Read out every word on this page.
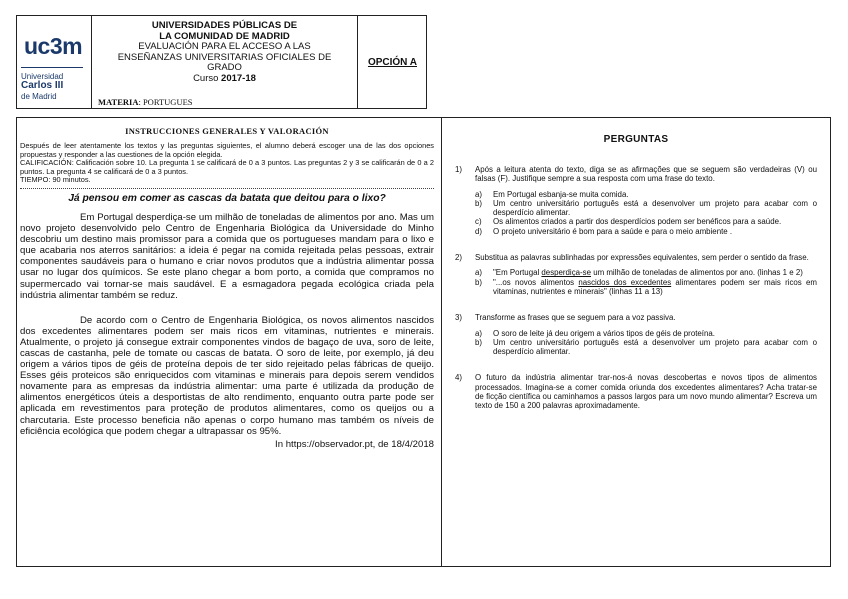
uc3m
Universidad
Carlos III
de Madrid
UNIVERSIDADES PÚBLICAS DE
LA COMUNIDAD DE MADRID
EVALUACIÓN PARA EL ACCESO A LAS
ENSEÑANZAS UNIVERSITARIAS OFICIALES DE
GRADO
Curso 2017-18
MATERIA: PORTUGUES
OPCIÓN A
INSTRUCCIONES GENERALES Y VALORACIÓN
Después de leer atentamente los textos y las preguntas siguientes, el alumno deberá escoger una de las dos opciones propuestas y responder a las cuestiones de la opción elegida.
CALIFICACIÓN: Calificación sobre 10. La pregunta 1 se calificará de 0 a 3 puntos. Las preguntas 2 y 3 se calificarán de 0 a 2 puntos. La pregunta 4 se calificará de 0 a 3 puntos.
TIEMPO: 90 minutos.
Já pensou em comer as cascas da batata que deitou para o lixo?
Em Portugal desperdiça-se um milhão de toneladas de alimentos por ano. Mas um novo projeto desenvolvido pelo Centro de Engenharia Biológica da Universidade do Minho descobriu um destino mais promissor para a comida que os portugueses mandam para o lixo e que acabaria nos aterros sanitários: a ideia é pegar na comida rejeitada pelas pessoas, extrair componentes saudáveis para o humano e criar novos produtos que a indústria alimentar possa usar no lugar dos químicos. Se este plano chegar a bom porto, a comida que compramos no supermercado vai tornar-se mais saudável. E a esmagadora pegada ecológica criada pela indústria alimentar também se reduz.
De acordo com o Centro de Engenharia Biológica, os novos alimentos nascidos dos excedentes alimentares podem ser mais ricos em vitaminas, nutrientes e minerais. Atualmente, o projeto já consegue extrair componentes vindos de bagaço de uva, soro de leite, cascas de castanha, pele de tomate ou cascas de batata. O soro de leite, por exemplo, já deu origem a vários tipos de géis de proteína depois de ter sido rejeitado pelas fábricas de queijo. Esses géis proteicos são enriquecidos com vitaminas e minerais para depois serem vendidos novamente para as empresas da indústria alimentar: uma parte é utilizada da produção de alimentos energéticos úteis a desportistas de alto rendimento, enquanto outra parte pode ser aplicada em revestimentos para proteção de produtos alimentares, como os queijos ou a charcutaria. Este processo beneficia não apenas o corpo humano mas também os níveis de eficiência ecológica que podem chegar a ultrapassar os 95%.
In https://observador.pt, de 18/4/2018
PERGUNTAS
1) Após a leitura atenta do texto, diga se as afirmações que se seguem são verdadeiras (V) ou falsas (F). Justifique sempre a sua resposta com uma frase do texto.
a) Em Portugal esbanja-se muita comida.
b) Um centro universitário português está a desenvolver um projeto para acabar com o desperdício alimentar.
c) Os alimentos criados a partir dos desperdícios podem ser benéficos para a saúde.
d) O projeto universitário é bom para a saúde e para o meio ambiente .
2) Substitua as palavras sublinhadas por expressões equivalentes, sem perder o sentido da frase.
a) "Em Portugal desperdiça-se um milhão de toneladas de alimentos por ano. (linhas 1 e 2)
b) "...os novos alimentos nascidos dos excedentes alimentares podem ser mais ricos em vitaminas, nutrientes e minerais" (linhas 11 a 13)
3) Transforme as frases que se seguem para a voz passiva.
a) O soro de leite já deu origem a vários tipos de géis de proteína.
b) Um centro universitário português está a desenvolver um projeto para acabar com o desperdício alimentar.
4) O futuro da indústria alimentar trar-nos-á novas descobertas e novos tipos de alimentos processados. Imagina-se a comer comida oriunda dos excedentes alimentares? Acha tratar-se de ficção científica ou caminhamos a passos largos para um novo mundo alimentar? Escreva um texto de 150 a 200 palavras aproximadamente.
